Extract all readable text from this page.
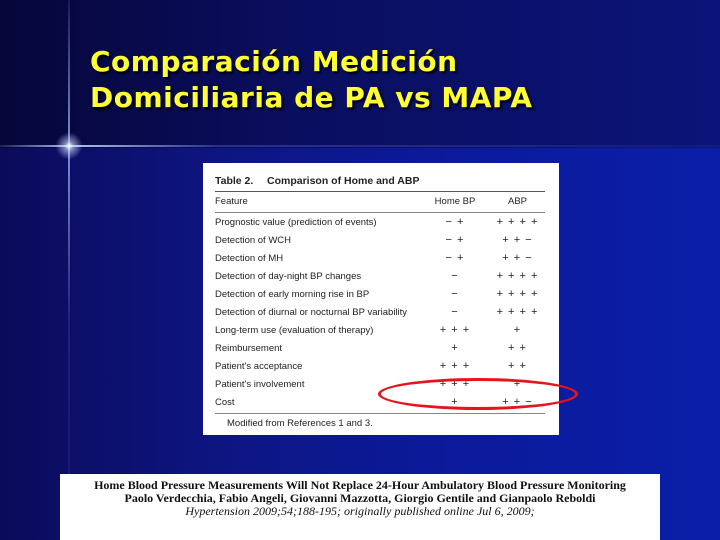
Comparación Medición
Domiciliaria de PA vs MAPA
Table 2.	Comparison of Home and ABP
Feature	Home BP	ABP
Prognostic value (prediction of events)	− +	+ + + +
Detection of WCH	− +	+ + −
Detection of MH	− +	+ + −
Detection of day-night BP changes	−	+ + + +
Detection of early morning rise in BP	−	+ + + +
Detection of diurnal or nocturnal BP variability	−	+ + + +
Long-term use (evaluation of therapy)	+ + +	+
Reimbursement	+	+ +
Patient's acceptance	+ + +	+ +
Patient's involvement	+ + +	+
Cost	+	+ + −
Modified from References 1 and 3.
Home Blood Pressure Measurements Will Not Replace 24-Hour Ambulatory Blood Pressure Monitoring
Paolo Verdecchia, Fabio Angeli, Giovanni Mazzotta, Giorgio Gentile and Gianpaolo Reboldi
Hypertension 2009;54;188-195; originally published online Jul 6, 2009;
